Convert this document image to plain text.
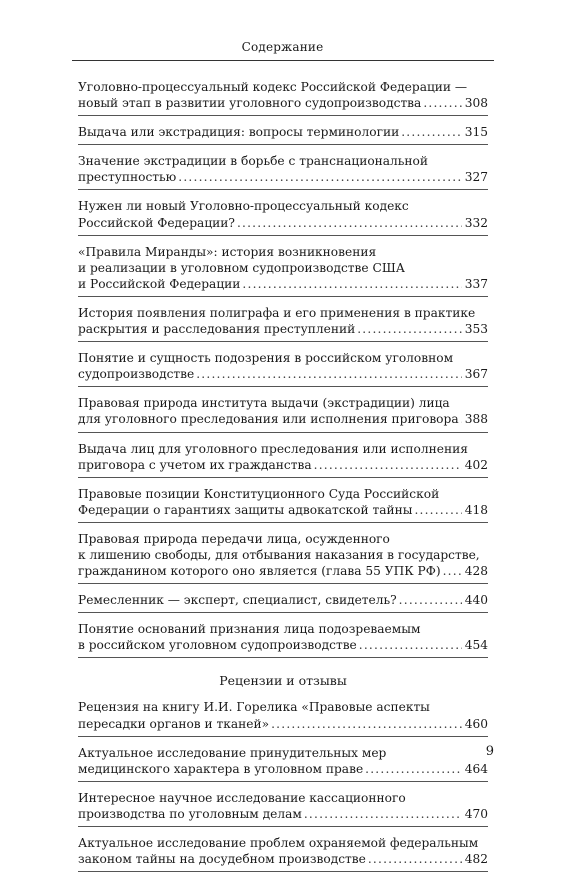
Содержание
Уголовно-процессуальный кодекс Российской Федерации —
новый этап в развитии уголовного судопроизводства .....	308
Выдача или экстрадиция: вопросы терминологии .....	315
Значение экстрадиции в борьбе с транснациональной
преступностью .....	327
Нужен ли новый Уголовно-процессуальный кодекс
Российской Федерации? .....	332
«Правила Миранды»: история возникновения
и реализации в уголовном судопроизводстве США
и Российской Федерации .....	337
История появления полиграфа и его применения в практике
раскрытия и расследования преступлений .....	353
Понятие и сущность подозрения в российском уголовном
судопроизводстве .....	367
Правовая природа института выдачи (экстрадиции) лица
для уголовного преследования или исполнения приговора ..... 388
Выдача лиц для уголовного преследования или исполнения
приговора с учетом их гражданства .....	402
Правовые позиции Конституционного Суда Российской
Федерации о гарантиях защиты адвокатской тайны .....	418
Правовая природа передачи лица, осужденного
к лишению свободы, для отбывания наказания в государстве,
гражданином которого оно является (глава 55 УПК РФ) ..... 428
Ремесленник — эксперт, специалист, свидетель? .....	440
Понятие оснований признания лица подозреваемым
в российском уголовном судопроизводстве .....	454
Рецензии и отзывы
Рецензия на книгу И.И. Горелика «Правовые аспекты
пересадки органов и тканей» .....	460
Актуальное исследование принудительных мер
медицинского характера в уголовном праве .....	464
Интересное научное исследование кассационного
производства по уголовным делам .....	470
Актуальное исследование проблем охраняемой федеральным
законом тайны на досудебном производстве .....	482
9
